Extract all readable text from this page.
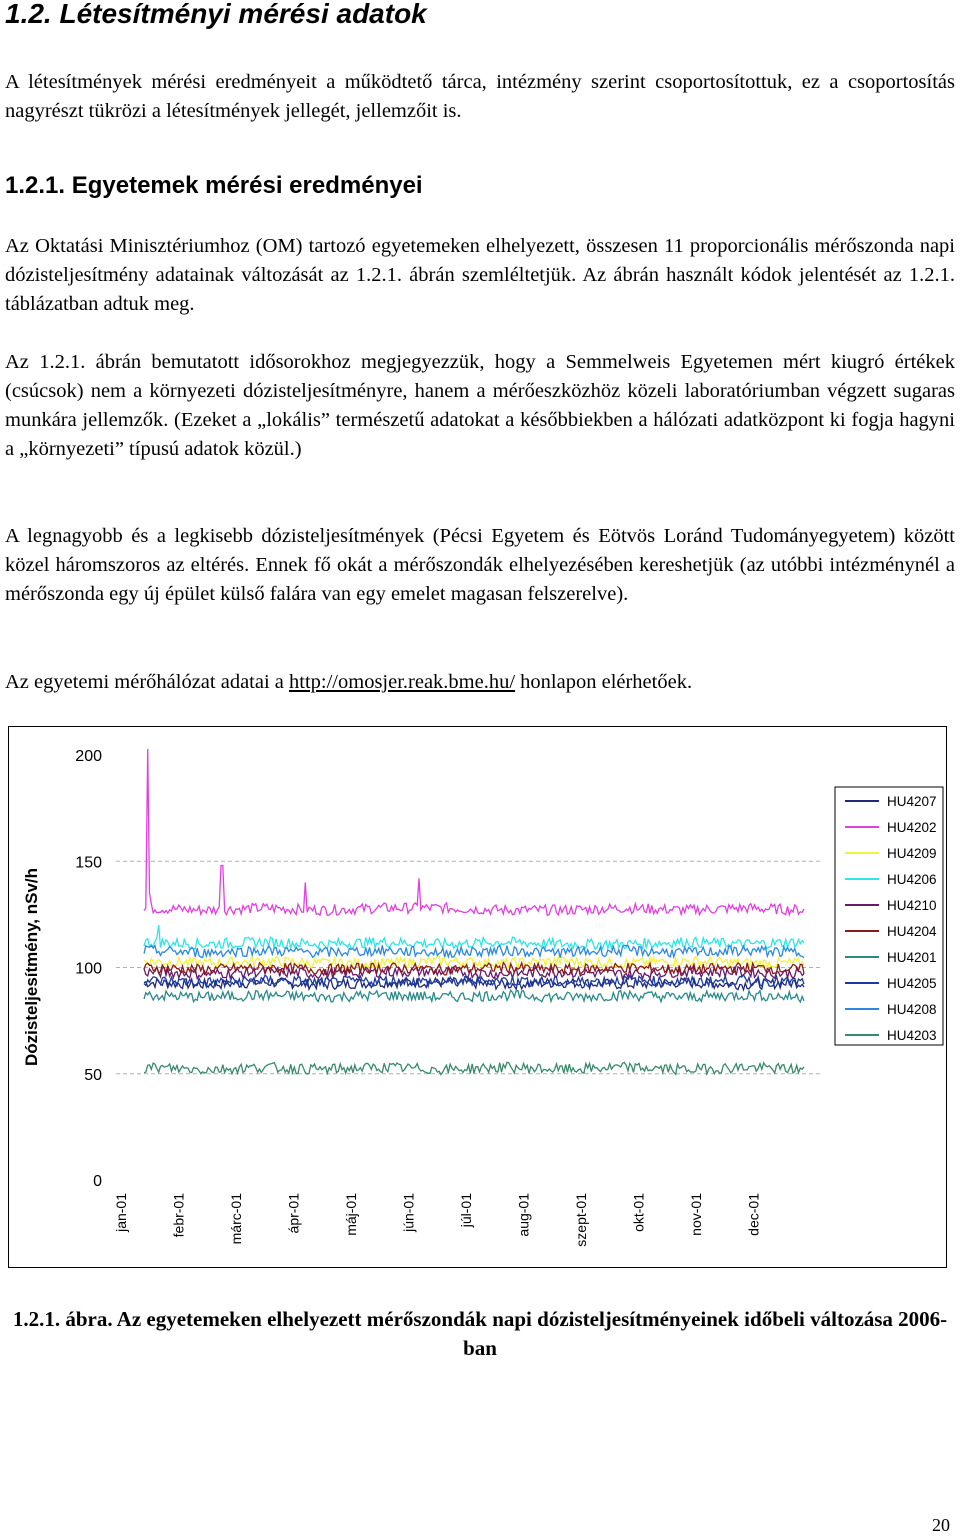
1.2. Létesítményi mérési adatok

A létesítmények mérési eredményeit a működtető tárca, intézmény szerint csoportosítottuk, ez a csoportosítás nagyrészt tükrözi a létesítmények jellegét, jellemzőit is.

1.2.1. Egyetemek mérési eredményei

Az Oktatási Minisztériumhoz (OM) tartozó egyetemeken elhelyezett, összesen 11 proporcionális mérőszonda napi dózisteljesítmény adatainak változását az 1.2.1. ábrán szemléltetjük. Az ábrán használt kódok jelentését az 1.2.1. táblázatban adtuk meg.

Az 1.2.1. ábrán bemutatott idősorokhoz megjegyezzük, hogy a Semmelweis Egyetemen mért kiugró értékek (csúcsok) nem a környezeti dózisteljesítményre, hanem a mérőeszközhöz közeli laboratóriumban végzett sugaras munkára jellemzők. (Ezeket a „lokális” természetű adatokat a későbbiekben a hálózati adatközpont ki fogja hagyni a „környezeti” típusú adatok közül.)

A legnagyobb és a legkisebb dózisteljesítmények (Pécsi Egyetem és Eötvös Loránd Tudományegyetem) között közel háromszoros az eltérés. Ennek fő okát a mérőszondák elhelyezésében kereshetjük (az utóbbi intézménynél a mérőszonda egy új épület külső falára van egy emelet magasan felszerelve).

Az egyetemi mérőhálózat adatai a http://omosjer.reak.bme.hu/ honlapon elérhetőek.

Dózisteljesítmény, nSv/h
0
50
100
150
200
jan-01	febr-01	márc-01	ápr-01	máj-01	jún-01	júl-01	aug-01	szept-01	okt-01	nov-01	dec-01
HU4207
HU4202
HU4209
HU4206
HU4210
HU4204
HU4201
HU4205
HU4208
HU4203

1.2.1. ábra. Az egyetemeken elhelyezett mérőszondák napi dózisteljesítményeinek időbeli változása 2006-ban

20
